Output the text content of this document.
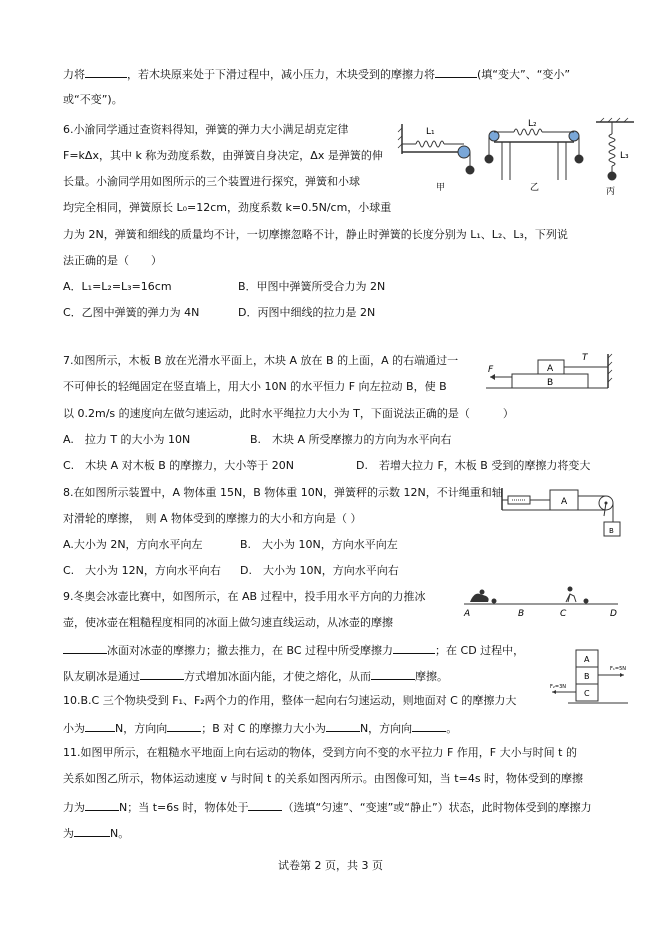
力将	，若木块原来处于下滑过程中，减小压力，木块受到的摩擦力将	(填“变大”、“变小”
或“不变”)。
6.小渝同学通过查资料得知，弹簧的弹力大小满足胡克定律
F=kΔx，其中 k 称为劲度系数，由弹簧自身决定，Δx 是弹簧的伸
长量。小渝同学用如图所示的三个装置进行探究，弹簧和小球
均完全相同，弹簧原长 L₀=12cm，劲度系数 k=0.5N/cm，小球重
力为 2N，弹簧和细线的质量均不计，一切摩擦忽略不计，静止时弹簧的长度分别为 L₁、L₂、L₃，下列说
法正确的是（　　）
A．L₁=L₂=L₃=16cm	B．甲图中弹簧所受合力为 2N
C．乙图中弹簧的弹力为 4N	D．丙图中细线的拉力是 2N
L₁
甲
L₂
乙
L₃
丙
7.如图所示，木板 B 放在光滑水平面上，木块 A 放在 B 的上面，A 的右端通过一
不可伸长的轻绳固定在竖直墙上，用大小 10N 的水平恒力 F 向左拉动 B，使 B
以 0.2m/s 的速度向左做匀速运动，此时水平绳拉力大小为 T，下面说法正确的是（　　　）
A.　拉力 T 的大小为 10N	B.　木块 A 所受摩擦力的方向为水平向右
C.　木块 A 对木板 B 的摩擦力，大小等于 20N	D.　若增大拉力 F，木板 B 受到的摩擦力将变大
A
B
F
T
8.在如图所示装置中，A 物体重 15N，B 物体重 10N，弹簧秤的示数 12N，不计绳重和轴
对滑轮的摩擦，　则 A 物体受到的摩擦力的大小和方向是（ ）
A.大小为 2N，方向水平向左	B.　大小为 10N，方向水平向左
C.　大小为 12N，方向水平向右 D.　大小为 10N，方向水平向右
A
B
9.冬奥会冰壶比赛中，如图所示，在 AB 过程中，投手用水平方向的力推冰
壶，使冰壶在粗糙程度相同的冰面上做匀速直线运动，从冰壶的摩擦
冰面对冰壶的摩擦力；撤去推力，在 BC 过程中所受摩擦力	；在 CD 过程中，
队友刷冰是通过	方式增加冰面内能，才使之熔化，从而	摩擦。
A	B	C	D
10.B.C 三个物块受到 F₁、F₂两个力的作用，整体一起向右匀速运动，则地面对 C 的摩擦力大
小为	N，方向向	；B 对 C 的摩擦力大小为	N，方向向	。
A
B
C
F₁=5N
F₂=3N
11.如图甲所示，在粗糙水平地面上向右运动的物体，受到方向不变的水平拉力 F 作用，F 大小与时间 t 的
关系如图乙所示，物体运动速度 v 与时间 t 的关系如图丙所示。由图像可知，当 t=4s 时，物体受到的摩擦
力为	N；当 t=6s 时，物体处于	（选填“匀速”、“变速”或“静止”）状态，此时物体受到的摩擦力
为	N。
试卷第 2 页，共 3 页
